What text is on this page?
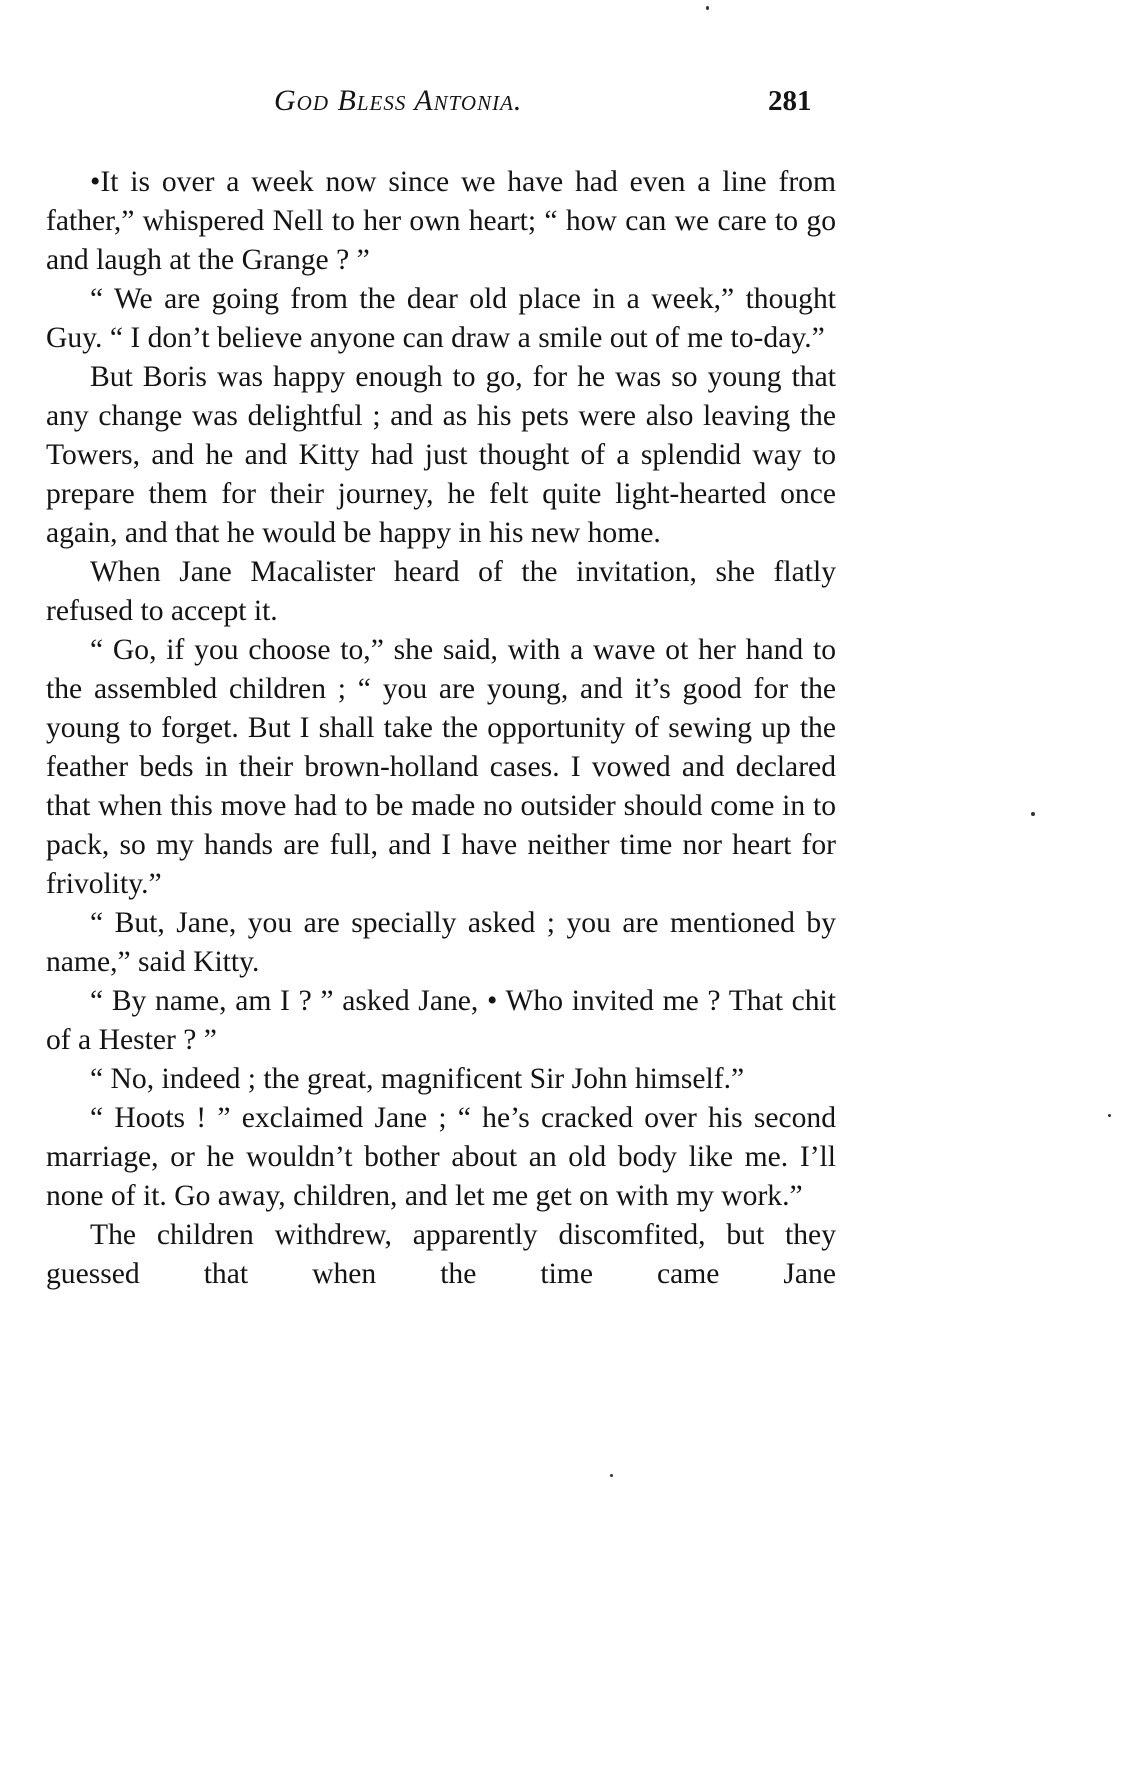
God Bless Antonia.	281

•It is over a week now since we have had even a line from father,” whispered Nell to her own heart; “ how can we care to go and laugh at the Grange ? ”

“ We are going from the dear old place in a week,” thought Guy. “ I don’t believe anyone can draw a smile out of me to-day.”

But Boris was happy enough to go, for he was so young that any change was delightful ; and as his pets were also leaving the Towers, and he and Kitty had just thought of a splendid way to prepare them for their journey, he felt quite light-hearted once again, and that he would be happy in his new home.

When Jane Macalister heard of the invitation, she flatly refused to accept it.

“ Go, if you choose to,” she said, with a wave ot her hand to the assembled children ; “ you are young, and it’s good for the young to forget. But I shall take the opportunity of sewing up the feather beds in their brown-holland cases. I vowed and declared that when this move had to be made no outsider should come in to pack, so my hands are full, and I have neither time nor heart for frivolity.”

“ But, Jane, you are specially asked ; you are mentioned by name,” said Kitty.

“ By name, am I ? ” asked Jane, • Who invited me ? That chit of a Hester ? ”

“ No, indeed ; the great, magnificent Sir John himself.”

“ Hoots ! ” exclaimed Jane ; “ he’s cracked over his second marriage, or he wouldn’t bother about an old body like me. I’ll none of it. Go away, children, and let me get on with my work.”

The children withdrew, apparently discomfited, but they guessed that when the time came Jane
